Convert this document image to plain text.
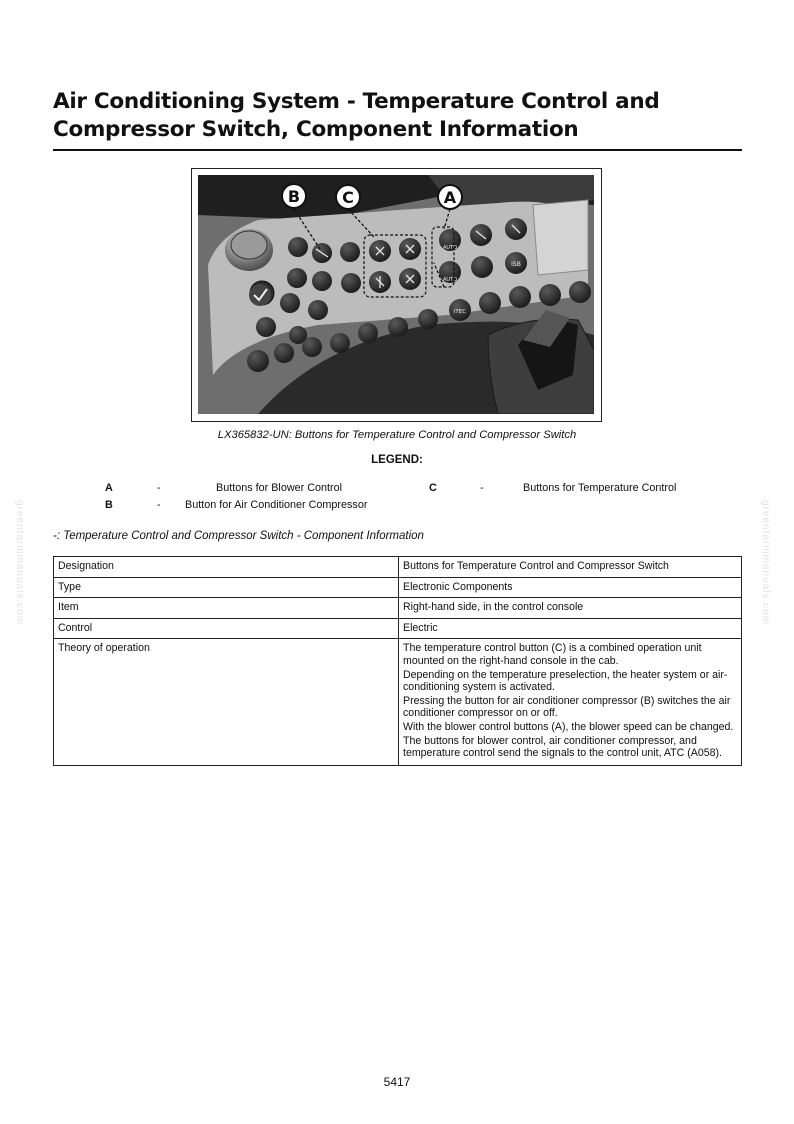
Air Conditioning System - Temperature Control and Compressor Switch, Component Information
AUTO
AUTO
ISB
iTEC
B	C	A
LX365832-UN: Buttons for Temperature Control and Compressor Switch
LEGEND:
A	-	Buttons for Blower Control	C	-	Buttons for Temperature Control
B	- Button for Air Conditioner Compressor
-: Temperature Control and Compressor Switch - Component Information
Designation	Buttons for Temperature Control and Compressor Switch
Type	Electronic Components
Item	Right-hand side, in the control console
Control	Electric
Theory of operation	The temperature control button (C) is a combined operation unit mounted on the right-hand console in the cab.
Depending on the temperature preselection, the heater system or air-conditioning system is activated.
Pressing the button for air conditioner compressor (B) switches the air conditioner compressor on or off.
With the blower control buttons (A), the blower speed can be changed.
The buttons for blower control, air conditioner compressor, and temperature control send the signals to the control unit, ATC (A058).
greenfarmmanuals.com	greenfarmmanuals.com
5417
